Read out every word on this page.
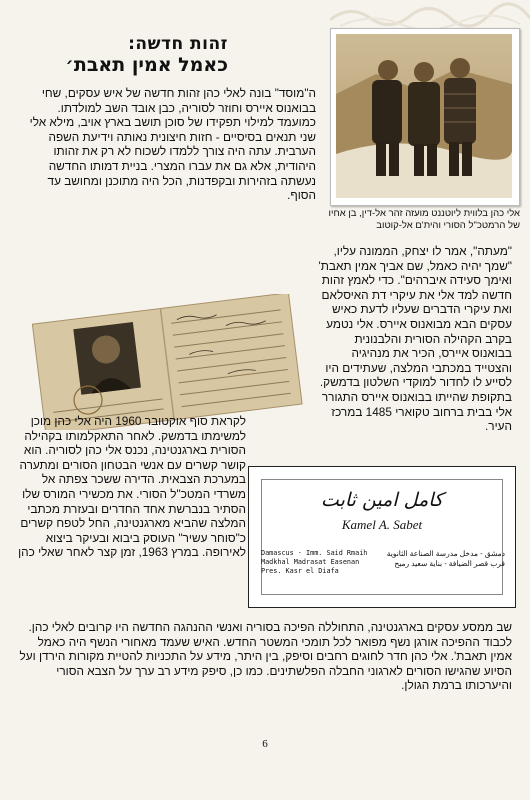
זהות חדשה:
כאמל אמין תאבת׳
אלי כהן בלווית ליוטננט מועזה זהר אל-דין, בן אחיו של הרמטכ"ל הסורי והית'ם אל-קוטוב

ה"מוסד" בונה לאלי כהן זהות חדשה של איש עסקים, שחי בבואנוס איירס וחוזר לסוריה, כבן אובד השב למולדתו. כמועמד למילוי תפקידו של סוכן תושב בארץ אויב, מילא אלי שני תנאים בסיסיים - חזות חיצונית נאותה וידיעת השפה הערבית. עתה היה צורך ללמדו לשכוח לא רק את זהותו היהודית, אלא גם את עברו המצרי. בניית דמותו החדשה נעשתה בזהירות ובקפדנות, הכל היה מתוכנן ומחושב עד הסוף.

"מעתה", אמר לו יצחק, הממונה עליו, "שמך יהיה כאמל, שם אביך אמין תאבת' ואימך סעידה איברהים". כדי לאמץ זהות חדשה למד אלי את עיקרי דת האיסלאם ואת עיקרי הדברים שעליו לדעת כאיש עסקים הבא מבואנוס איירס. אלי נטמע בקרב הקהילה הסורית והלבנונית בבואנוס איירס, הכיר את מנהיגיה והצטייד במכתבי המלצה, שעתידים היו לסייע לו לחדור למוקדי השלטון בדמשק. בתקופת שהייתו בבואנוס איירס התגורר אלי בבית ברחוב טקוארי 1485 במרכז העיר.

לקראת סוף אוקטובר 1960 היה אלי כהן מוכן למשימתו בדמשק. לאחר התאקלמותו בקהילה הסורית בארגנטינה, נכנס אלי כהן לסוריה. הוא קושר קשרים עם אנשי הבטחון הסורים ומתערה במערכת הצבאית. הדירה ששכר צפתה אל משרדי המטכ"ל הסורי. את מכשירי המורס שלו הסתיר בנברשת אחד החדרים ובעזרת מכתבי המלצה שהביא מארגנטינה, החל לטפח קשרים כ"סוחר עשיר" העוסק ביבוא ובעיקר ביצוא לאירופה. במרץ 1963, זמן קצר לאחר שאלי כהן

كامل امين ثابت
Kamel A. Sabet
Damascus · Imm. Said Rmaih
Madkhal Madrasat Easenan
Pres. Kasr el Diafa
دمشق - مدخل مدرسة الصناعة الثانوية
قرب قصر الضيافة - بناية سعيد رميح

שב ממסע עסקים בארגנטינה, התחוללה הפיכה בסוריה ואנשי ההנהגה החדשה היו קרובים לאלי כהן. לכבוד ההפיכה אורגן נשף מפואר לכל תומכי המשטר החדש. האיש שעמד מאחורי הנשף היה כאמל אמין תאבת'. אלי כהן חדר לחוגים רחבים וסיפק, בין היתר, מידע על התכניות להטיית מקורות הירדן ועל הסיוע שהגישו הסורים לארגוני החבלה הפלשתינים. כמו כן, סיפק מידע רב ערך על הצבא הסורי והיערכותו ברמת הגולן.

6
